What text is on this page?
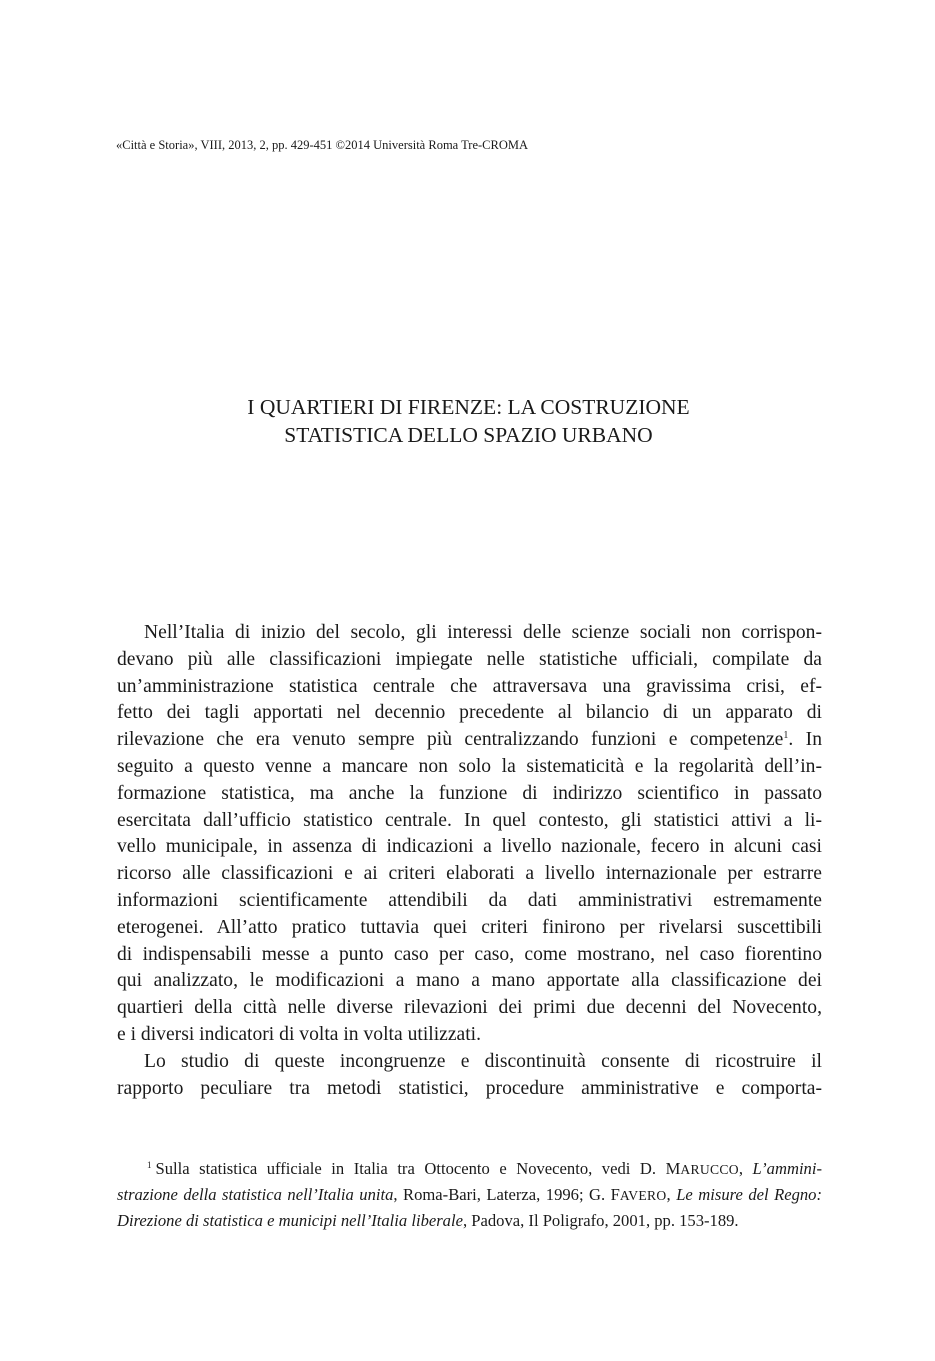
«Città e Storia», VIII, 2013, 2, pp. 429-451 ©2014 Università Roma Tre-CROMA
I QUARTIERI DI FIRENZE: LA COSTRUZIONE
STATISTICA DELLO SPAZIO URBANO
Nell’Italia di inizio del secolo, gli interessi delle scienze sociali non corrispon-
devano più alle classificazioni impiegate nelle statistiche ufficiali, compilate da
un’amministrazione statistica centrale che attraversava una gravissima crisi, ef-
fetto dei tagli apportati nel decennio precedente al bilancio di un apparato di
rilevazione che era venuto sempre più centralizzando funzioni e competenze$^1$. In
seguito a questo venne a mancare non solo la sistematicità e la regolarità dell’in-
formazione statistica, ma anche la funzione di indirizzo scientifico in passato
esercitata dall’ufficio statistico centrale. In quel contesto, gli statistici attivi a li-
vello municipale, in assenza di indicazioni a livello nazionale, fecero in alcuni casi
ricorso alle classificazioni e ai criteri elaborati a livello internazionale per estrarre
informazioni scientificamente attendibili da dati amministrativi estremamente
eterogenei. All’atto pratico tuttavia quei criteri finirono per rivelarsi suscettibili
di indispensabili messe a punto caso per caso, come mostrano, nel caso fiorentino
qui analizzato, le modificazioni a mano a mano apportate alla classificazione dei
quartieri della città nelle diverse rilevazioni dei primi due decenni del Novecento,
e i diversi indicatori di volta in volta utilizzati.
Lo studio di queste incongruenze e discontinuità consente di ricostruire il
rapporto peculiare tra metodi statistici, procedure amministrative e comporta-
$^1$ Sulla statistica ufficiale in Italia tra Ottocento e Novecento, vedi D. MARUCCO, L’ammini-
strazione della statistica nell’Italia unita, Roma-Bari, Laterza, 1996; G. FAVERO, Le misure del Regno:
Direzione di statistica e municipi nell’Italia liberale, Padova, Il Poligrafo, 2001, pp. 153-189.
